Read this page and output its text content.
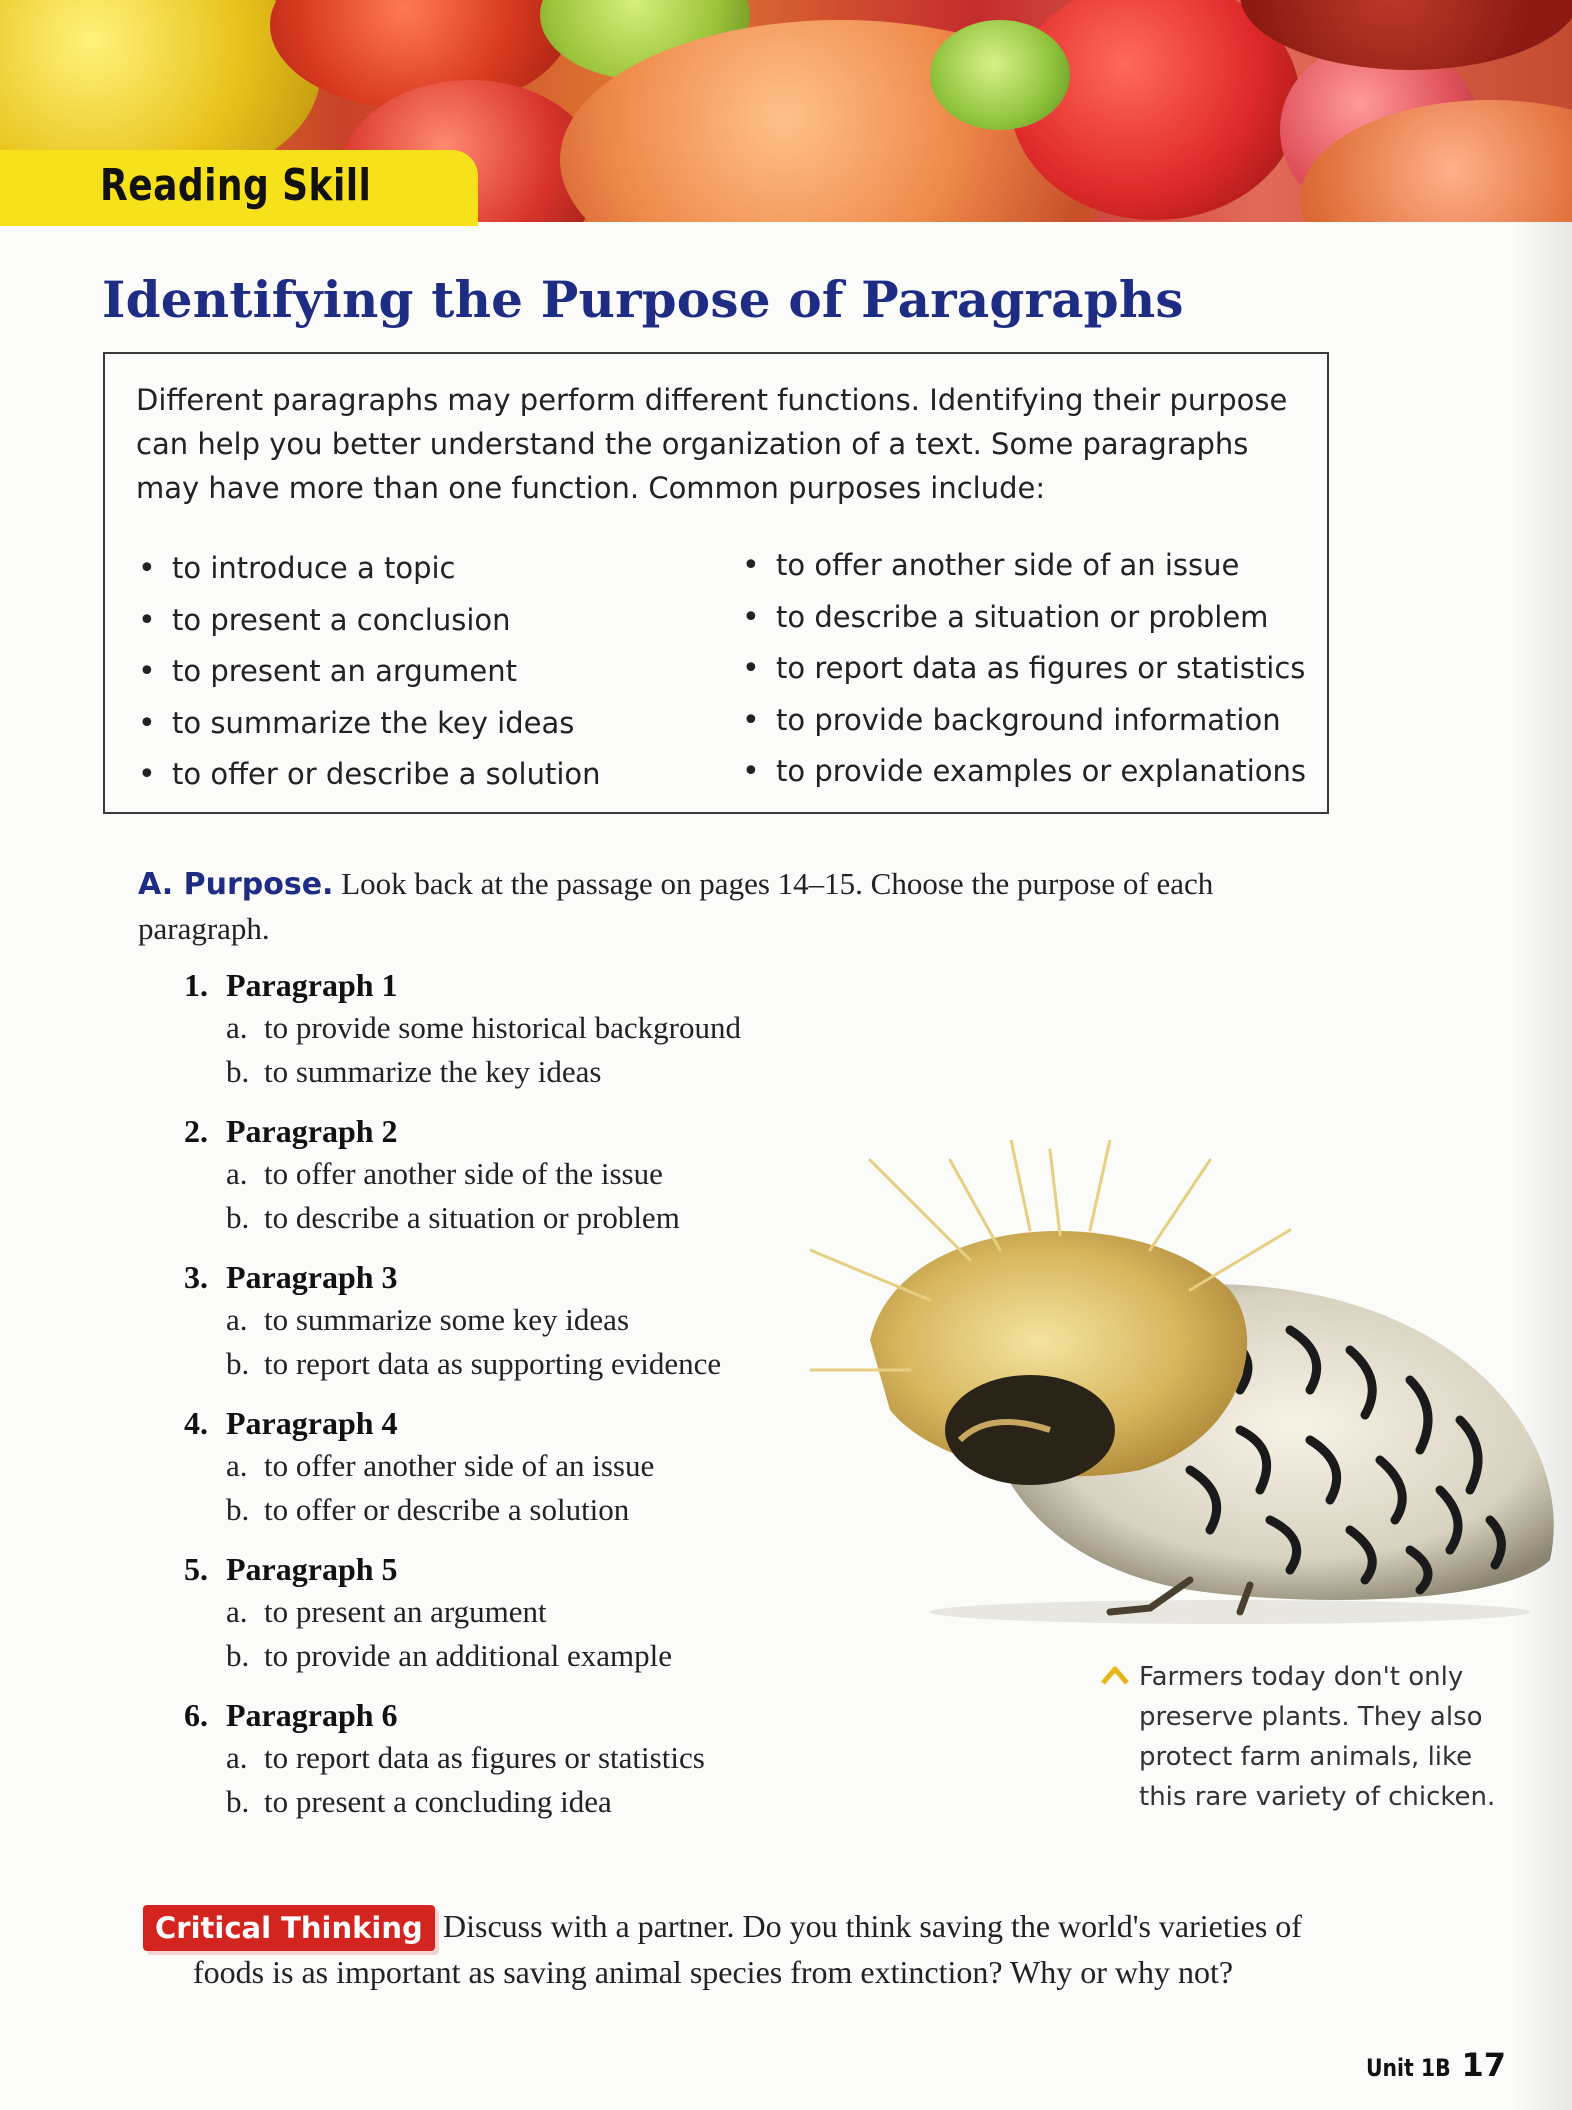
Reading Skill
Identifying the Purpose of Paragraphs
Different paragraphs may perform different functions. Identifying their purpose can help you better understand the organization of a text. Some paragraphs may have more than one function. Common purposes include:
• to introduce a topic
• to present a conclusion
• to present an argument
• to summarize the key ideas
• to offer or describe a solution
• to offer another side of an issue
• to describe a situation or problem
• to report data as figures or statistics
• to provide background information
• to provide examples or explanations
A. Purpose. Look back at the passage on pages 14–15. Choose the purpose of each paragraph.
1. Paragraph 1
a. to provide some historical background
b. to summarize the key ideas
2. Paragraph 2
a. to offer another side of the issue
b. to describe a situation or problem
3. Paragraph 3
a. to summarize some key ideas
b. to report data as supporting evidence
4. Paragraph 4
a. to offer another side of an issue
b. to offer or describe a solution
5. Paragraph 5
a. to present an argument
b. to provide an additional example
6. Paragraph 6
a. to report data as figures or statistics
b. to present a concluding idea
Farmers today don't only preserve plants. They also protect farm animals, like this rare variety of chicken.
Discuss with a partner. Do you think saving the world's varieties of foods is as important as saving animal species from extinction? Why or why not?
Critical Thinking
Unit 1B 17
